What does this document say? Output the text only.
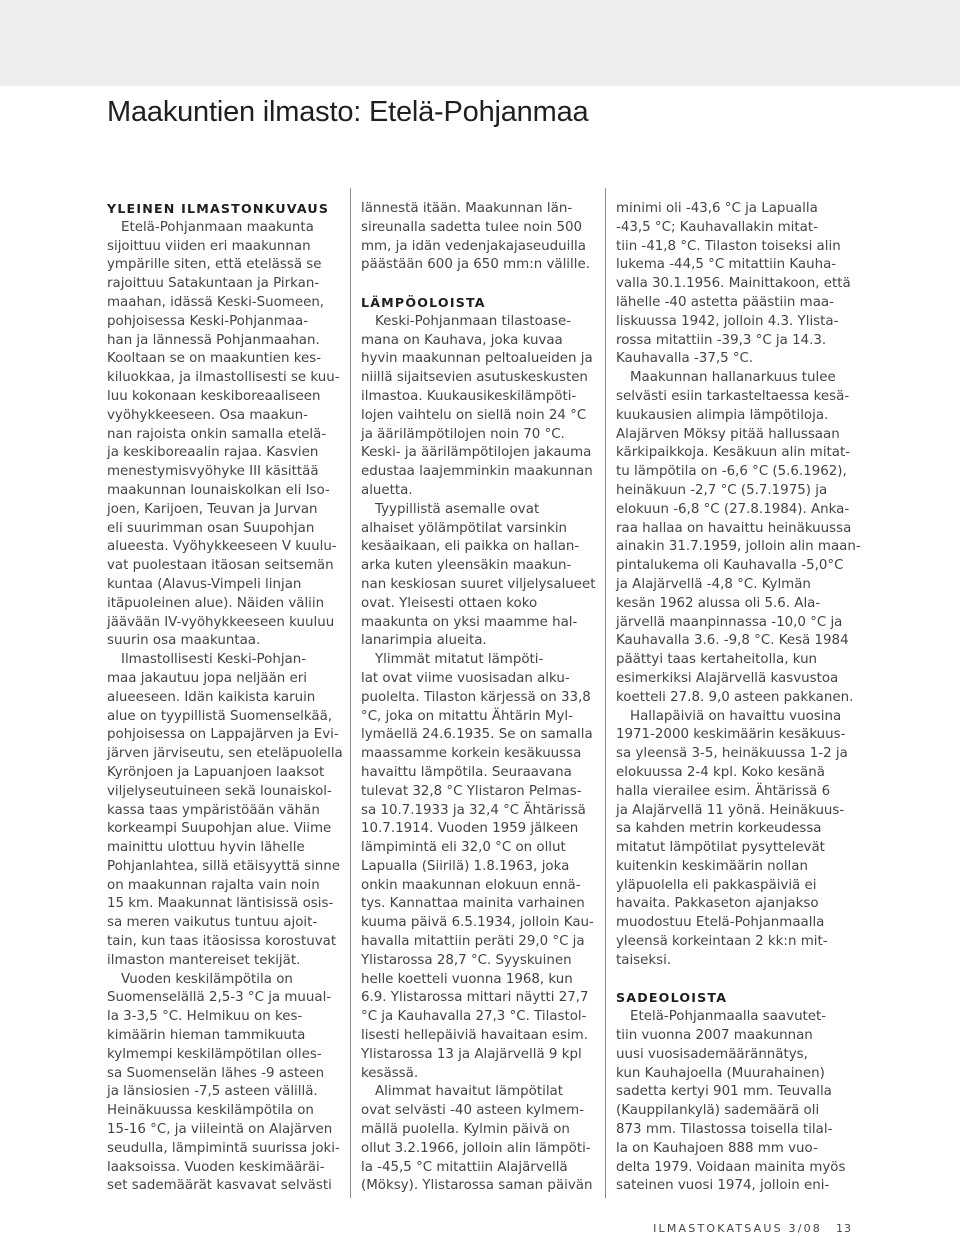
Maakuntien ilmasto: Etelä-Pohjanmaa
YLEINEN ILMASTONKUVAUS
Etelä-Pohjanmaan maakunta
sijoittuu viiden eri maakunnan
ympärille siten, että etelässä se
rajoittuu Satakuntaan ja Pirkan-
maahan, idässä Keski-Suomeen,
pohjoisessa Keski-Pohjanmaa-
han ja lännessä Pohjanmaahan.
Kooltaan se on maakuntien kes-
kiluokkaa, ja ilmastollisesti se kuu-
luu kokonaan keskiboreaaliseen
vyöhykkeeseen. Osa maakun-
nan rajoista onkin samalla etelä-
ja keskiboreaalin rajaa. Kasvien
menestymisvyöhyke III käsittää
maakunnan lounaiskolkan eli Iso-
joen, Karijoen, Teuvan ja Jurvan
eli suurimman osan Suupohjan
alueesta. Vyöhykkeeseen V kuulu-
vat puolestaan itäosan seitsemän
kuntaa (Alavus-Vimpeli linjan
itäpuoleinen alue). Näiden väliin
jäävään IV-vyöhykkeeseen kuuluu
suurin osa maakuntaa.
Ilmastollisesti Keski-Pohjan-
maa jakautuu jopa neljään eri
alueeseen. Idän kaikista karuin
alue on tyypillistä Suomenselkää,
pohjoisessa on Lappajärven ja Evi-
järven järviseutu, sen eteläpuolella
Kyrönjoen ja Lapuanjoen laaksot
viljelyseutuineen sekä lounaiskol-
kassa taas ympäristöään vähän
korkeampi Suupohjan alue. Viime
mainittu ulottuu hyvin lähelle
Pohjanlahtea, sillä etäisyyttä sinne
on maakunnan rajalta vain noin
15 km. Maakunnat läntisissä osis-
sa meren vaikutus tuntuu ajoit-
tain, kun taas itäosissa korostuvat
ilmaston mantereiset tekijät.
Vuoden keskilämpötila on
Suomenselällä 2,5-3 °C ja muual-
la 3-3,5 °C. Helmikuu on kes-
kimäärin hieman tammikuuta
kylmempi keskilämpötilan olles-
sa Suomenselän lähes -9 asteen
ja länsiosien -7,5 asteen välillä.
Heinäkuussa keskilämpötila on
15-16 °C, ja viileintä on Alajärven
seudulla, lämpimintä suurissa joki-
laaksoissa. Vuoden keskimääräi-
set sademäärät kasvavat selvästi
lännestä itään. Maakunnan län-
sireunalla sadetta tulee noin 500
mm, ja idän vedenjakajaseuduilla
päästään 600 ja 650 mm:n välille.
LÄMPÖOLOISTA
Keski-Pohjanmaan tilastoase-
mana on Kauhava, joka kuvaa
hyvin maakunnan peltoalueiden ja
niillä sijaitsevien asutuskeskusten
ilmastoa. Kuukausikeskilämpöti-
lojen vaihtelu on siellä noin 24 °C
ja äärilämpötilojen noin 70 °C.
Keski- ja äärilämpötilojen jakauma
edustaa laajemminkin maakunnan
aluetta.
Tyypillistä asemalle ovat
alhaiset yölämpötilat varsinkin
kesäaikaan, eli paikka on hallan-
arka kuten yleensäkin maakun-
nan keskiosan suuret viljelysalueet
ovat. Yleisesti ottaen koko
maakunta on yksi maamme hal-
lanarimpia alueita.
Ylimmät mitatut lämpöti-
lat ovat viime vuosisadan alku-
puolelta. Tilaston kärjessä on 33,8
°C, joka on mitattu Ähtärin Myl-
lymäellä 24.6.1935. Se on samalla
maassamme korkein kesäkuussa
havaittu lämpötila. Seuraavana
tulevat 32,8 °C Ylistaron Pelmas-
sa 10.7.1933 ja 32,4 °C Ähtärissä
10.7.1914. Vuoden 1959 jälkeen
lämpimintä eli 32,0 °C on ollut
Lapualla (Siirilä) 1.8.1963, joka
onkin maakunnan elokuun ennä-
tys. Kannattaa mainita varhainen
kuuma päivä 6.5.1934, jolloin Kau-
havalla mitattiin peräti 29,0 °C ja
Ylistarossa 28,7 °C. Syyskuinen
helle koetteli vuonna 1968, kun
6.9. Ylistarossa mittari näytti 27,7
°C ja Kauhavalla 27,3 °C. Tilastol-
lisesti hellepäiviä havaitaan esim.
Ylistarossa 13 ja Alajärvellä 9 kpl
kesässä.
Alimmat havaitut lämpötilat
ovat selvästi -40 asteen kylmem-
mällä puolella. Kylmin päivä on
ollut 3.2.1966, jolloin alin lämpöti-
la -45,5 °C mitattiin Alajärvellä
(Möksy). Ylistarossa saman päivän
minimi oli -43,6 °C ja Lapualla
-43,5 °C; Kauhavallakin mitat-
tiin -41,8 °C. Tilaston toiseksi alin
lukema -44,5 °C mitattiin Kauha-
valla 30.1.1956. Mainittakoon, että
lähelle -40 astetta päästiin maa-
liskuussa 1942, jolloin 4.3. Ylista-
rossa mitattiin -39,3 °C ja 14.3.
Kauhavalla -37,5 °C.
Maakunnan hallanarkuus tulee
selvästi esiin tarkasteltaessa kesä-
kuukausien alimpia lämpötiloja.
Alajärven Möksy pitää hallussaan
kärkipaikkoja. Kesäkuun alin mitat-
tu lämpötila on -6,6 °C (5.6.1962),
heinäkuun -2,7 °C (5.7.1975) ja
elokuun -6,8 °C (27.8.1984). Anka-
raa hallaa on havaittu heinäkuussa
ainakin 31.7.1959, jolloin alin maan-
pintalukema oli Kauhavalla -5,0°C
ja Alajärvellä -4,8 °C. Kylmän
kesän 1962 alussa oli 5.6. Ala-
järvellä maanpinnassa -10,0 °C ja
Kauhavalla 3.6. -9,8 °C. Kesä 1984
päättyi taas kertaheitolla, kun
esimerkiksi Alajärvellä kasvustoa
koetteli 27.8. 9,0 asteen pakkanen.
Hallapäiviä on havaittu vuosina
1971-2000 keskimäärin kesäkuus-
sa yleensä 3-5, heinäkuussa 1-2 ja
elokuussa 2-4 kpl. Koko kesänä
halla vierailee esim. Ähtärissä 6
ja Alajärvellä 11 yönä. Heinäkuus-
sa kahden metrin korkeudessa
mitatut lämpötilat pysyttelevät
kuitenkin keskimäärin nollan
yläpuolella eli pakkaspäiviä ei
havaita. Pakkaseton ajanjakso
muodostuu Etelä-Pohjanmaalla
yleensä korkeintaan 2 kk:n mit-
taiseksi.
SADEOLOISTA
Etelä-Pohjanmaalla saavutet-
tiin vuonna 2007 maakunnan
uusi vuosisademäärännätys,
kun Kauhajoella (Muurahainen)
sadetta kertyi 901 mm. Teuvalla
(Kauppilankylä) sademäärä oli
873 mm. Tilastossa toisella tilal-
la on Kauhajoen 888 mm vuo-
delta 1979. Voidaan mainita myös
sateinen vuosi 1974, jolloin eni-
ILMASTOKATSAUS 3/08 13
